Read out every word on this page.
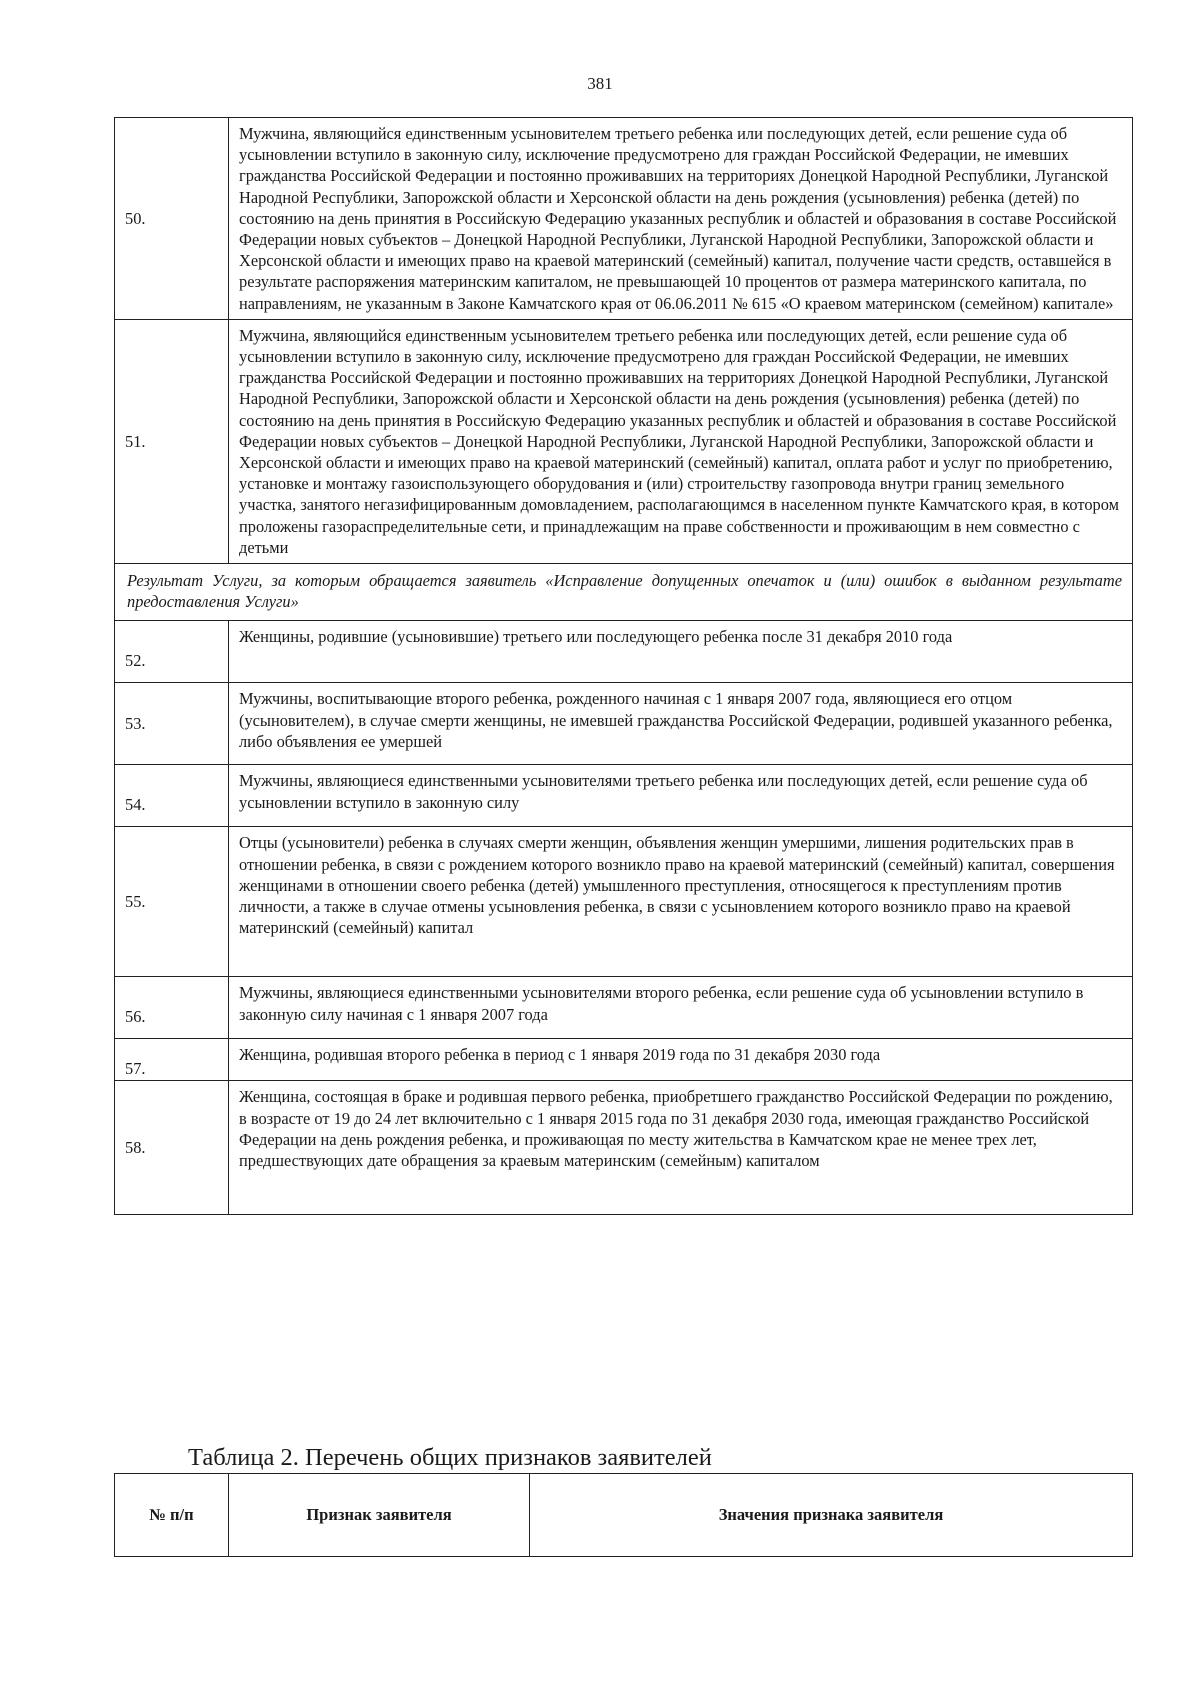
381
50.	Мужчина, являющийся единственным усыновителем третьего ребенка или последующих детей, если решение суда об усыновлении вступило в законную силу, исключение предусмотрено для граждан Российской Федерации, не имевших гражданства Российской Федерации и постоянно проживавших на территориях Донецкой Народной Республики, Луганской Народной Республики, Запорожской области и Херсонской области на день рождения (усыновления) ребенка (детей) по состоянию на день принятия в Российскую Федерацию указанных республик и областей и образования в составе Российской Федерации новых субъектов – Донецкой Народной Республики, Луганской Народной Республики, Запорожской области и Херсонской области и имеющих право на краевой материнский (семейный) капитал, получение части средств, оставшейся в результате распоряжения материнским капиталом, не превышающей 10 процентов от размера материнского капитала, по направлениям, не указанным в Законе Камчатского края от 06.06.2011 № 615 «О краевом материнском (семейном) капитале»
51.	Мужчина, являющийся единственным усыновителем третьего ребенка или последующих детей, если решение суда об усыновлении вступило в законную силу, исключение предусмотрено для граждан Российской Федерации, не имевших гражданства Российской Федерации и постоянно проживавших на территориях Донецкой Народной Республики, Луганской Народной Республики, Запорожской области и Херсонской области на день рождения (усыновления) ребенка (детей) по состоянию на день принятия в Российскую Федерацию указанных республик и областей и образования в составе Российской Федерации новых субъектов – Донецкой Народной Республики, Луганской Народной Республики, Запорожской области и Херсонской области и имеющих право на краевой материнский (семейный) капитал, оплата работ и услуг по приобретению, установке и монтажу газоиспользующего оборудования и (или) строительству газопровода внутри границ земельного участка, занятого негазифицированным домовладением, располагающимся в населенном пункте Камчатского края, в котором проложены газораспределительные сети, и принадлежащим на праве собственности и проживающим в нем совместно с детьми
Результат Услуги, за которым обращается заявитель «Исправление допущенных опечаток и (или) ошибок в выданном результате предоставления Услуги»	
52.	Женщины, родившие (усыновившие) третьего или последующего ребенка после 31 декабря 2010 года
53.	Мужчины, воспитывающие второго ребенка, рожденного начиная с 1 января 2007 года, являющиеся его отцом (усыновителем), в случае смерти женщины, не имевшей гражданства Российской Федерации, родившей указанного ребенка, либо объявления ее умершей
54.	Мужчины, являющиеся единственными усыновителями третьего ребенка или последующих детей, если решение суда об усыновлении вступило в законную силу
55.	Отцы (усыновители) ребенка в случаях смерти женщин, объявления женщин умершими, лишения родительских прав в отношении ребенка, в связи с рождением которого возникло право на краевой материнский (семейный) капитал, совершения женщинами в отношении своего ребенка (детей) умышленного преступления, относящегося к преступлениям против личности, а также в случае отмены усыновления ребенка, в связи с усыновлением которого возникло право на краевой материнский (семейный) капитал
56.	Мужчины, являющиеся единственными усыновителями второго ребенка, если решение суда об усыновлении вступило в законную силу начиная с 1 января 2007 года
57.	Женщина, родившая второго ребенка в период с 1 января 2019 года по 31 декабря 2030 года
58.	Женщина, состоящая в браке и родившая первого ребенка, приобретшего гражданство Российской Федерации по рождению, в возрасте от 19 до 24 лет включительно с 1 января 2015 года по 31 декабря 2030 года, имеющая гражданство Российской Федерации на день рождения ребенка, и проживающая по месту жительства в Камчатском крае не менее трех лет, предшествующих дате обращения за краевым материнским (семейным) капиталом
Таблица 2. Перечень общих признаков заявителей
№ п/п	Признак заявителя	Значения признака заявителя
